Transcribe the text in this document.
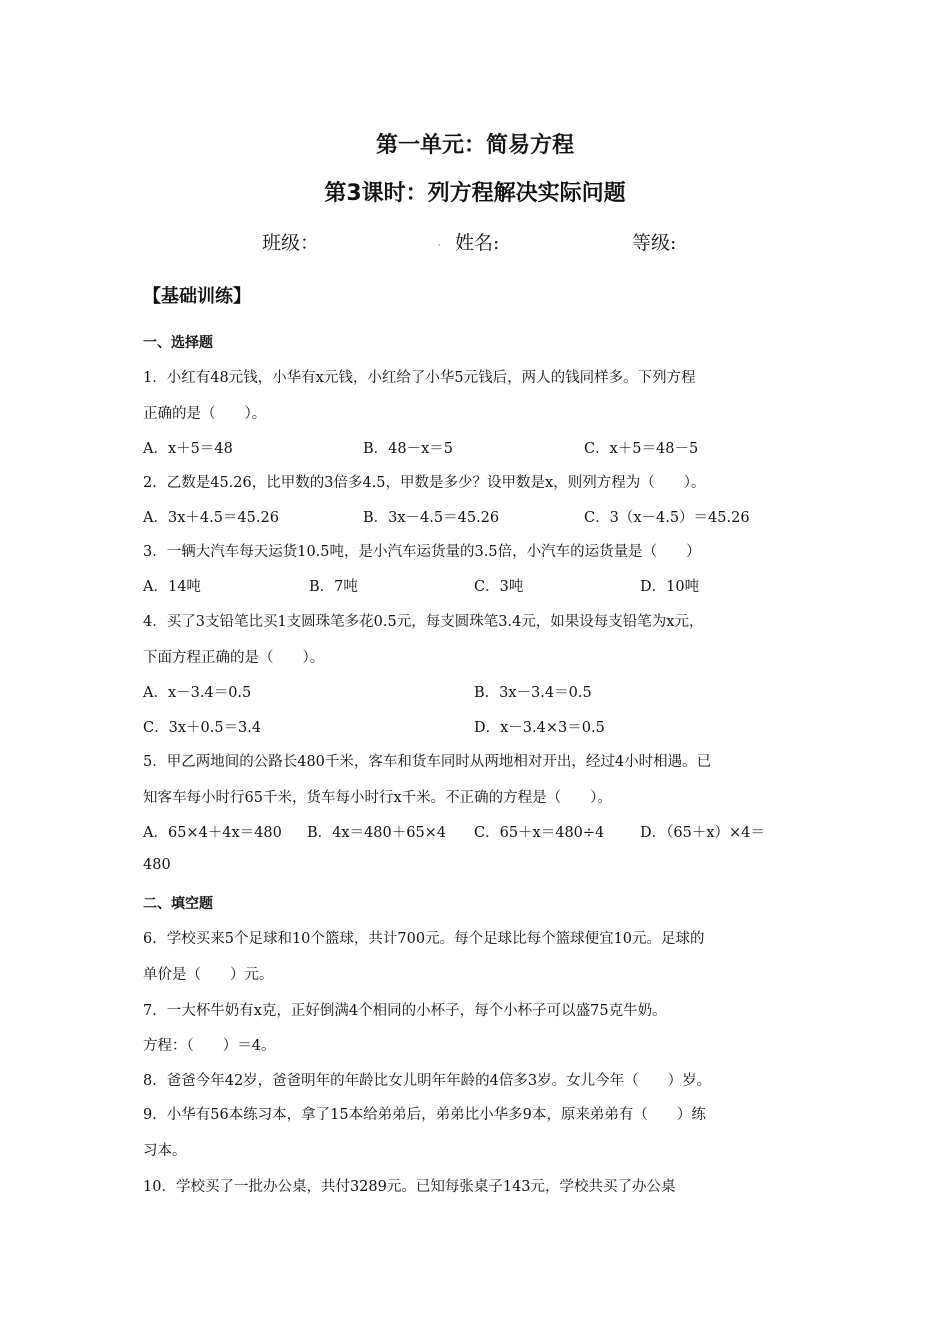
第一单元：简易方程
第3课时：列方程解决实际问题
班级：	. 姓名:	等级:
【基础训练】
一、选择题
1．小红有48元钱，小华有x元钱，小红给了小华5元钱后，两人的钱同样多。下列方程
正确的是（　　）。
A．x＋5＝48	B．48－x＝5	C．x＋5＝48－5
2．乙数是45.26，比甲数的3倍多4.5，甲数是多少？设甲数是x，则列方程为（　　）。
A．3x＋4.5＝45.26	B．3x－4.5＝45.26	C．3（x－4.5）＝45.26
3．一辆大汽车每天运货10.5吨，是小汽车运货量的3.5倍，小汽车的运货量是（　　）
A．14吨	B．7吨	C．3吨	D．10吨
4．买了3支铅笔比买1支圆珠笔多花0.5元，每支圆珠笔3.4元，如果设每支铅笔为x元，
下面方程正确的是（　　）。
A．x－3.4＝0.5	B．3x－3.4＝0.5
C．3x＋0.5＝3.4	D．x－3.4×3＝0.5
5．甲乙两地间的公路长480千米，客车和货车同时从两地相对开出，经过4小时相遇。已
知客车每小时行65千米，货车每小时行x千米。不正确的方程是（　　）。
A．65×4＋4x＝480 B．4x＝480＋65×4 C．65＋x＝480÷4 D．（65＋x）×4＝
480
二、填空题
6．学校买来5个足球和10个篮球，共计700元。每个足球比每个篮球便宜10元。足球的
单价是（　　）元。
7．一大杯牛奶有x克，正好倒满4个相同的小杯子，每个小杯子可以盛75克牛奶。
方程：（　　）＝4。
8．爸爸今年42岁，爸爸明年的年龄比女儿明年年龄的4倍多3岁。女儿今年（　　）岁。
9．小华有56本练习本，拿了15本给弟弟后，弟弟比小华多9本，原来弟弟有（　　）练
习本。
10．学校买了一批办公桌，共付3289元。已知每张桌子143元，学校共买了办公桌
